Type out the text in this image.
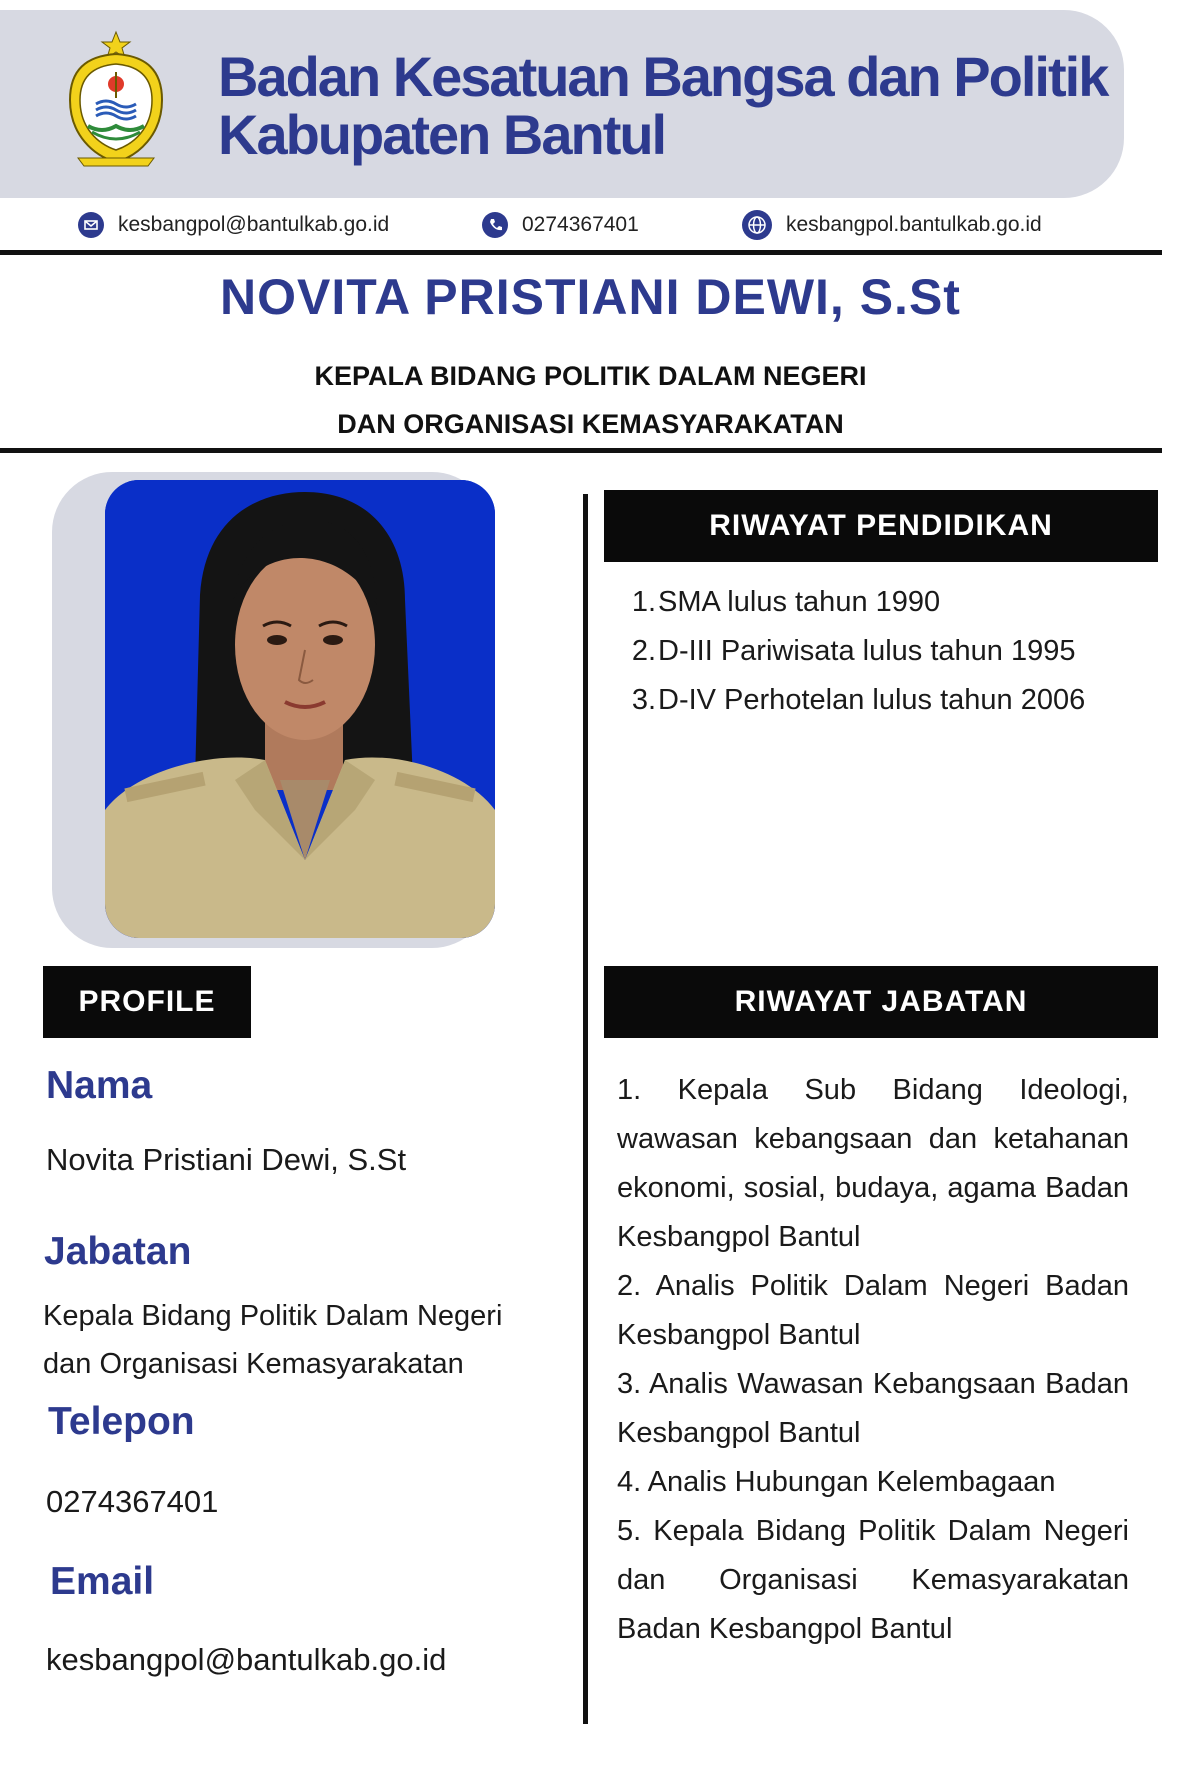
Badan Kesatuan Bangsa dan Politik
Kabupaten Bantul
kesbangpol@bantulkab.go.id	0274367401	kesbangpol.bantulkab.go.id
NOVITA PRISTIANI DEWI, S.St
KEPALA BIDANG POLITIK DALAM NEGERI
DAN ORGANISASI KEMASYARAKATAN
RIWAYAT PENDIDIKAN
1. SMA lulus tahun 1990
2. D-III Pariwisata lulus tahun 1995
3. D-IV Perhotelan lulus tahun 2006
PROFILE
Nama
Novita Pristiani Dewi, S.St
Jabatan
Kepala Bidang Politik Dalam Negeri
dan Organisasi Kemasyarakatan
Telepon
0274367401
Email
kesbangpol@bantulkab.go.id
RIWAYAT JABATAN

1. Kepala Sub Bidang Ideologi, wawasan kebangsaan dan ketahanan ekonomi, sosial, budaya, agama Badan Kesbangpol Bantul

2. Analis Politik Dalam Negeri Badan Kesbangpol Bantul

3. Analis Wawasan Kebangsaan Badan Kesbangpol Bantul

4. Analis Hubungan Kelembagaan

5. Kepala Bidang Politik Dalam Negeri dan Organisasi Kemasyarakatan Badan Kesbangpol Bantul
